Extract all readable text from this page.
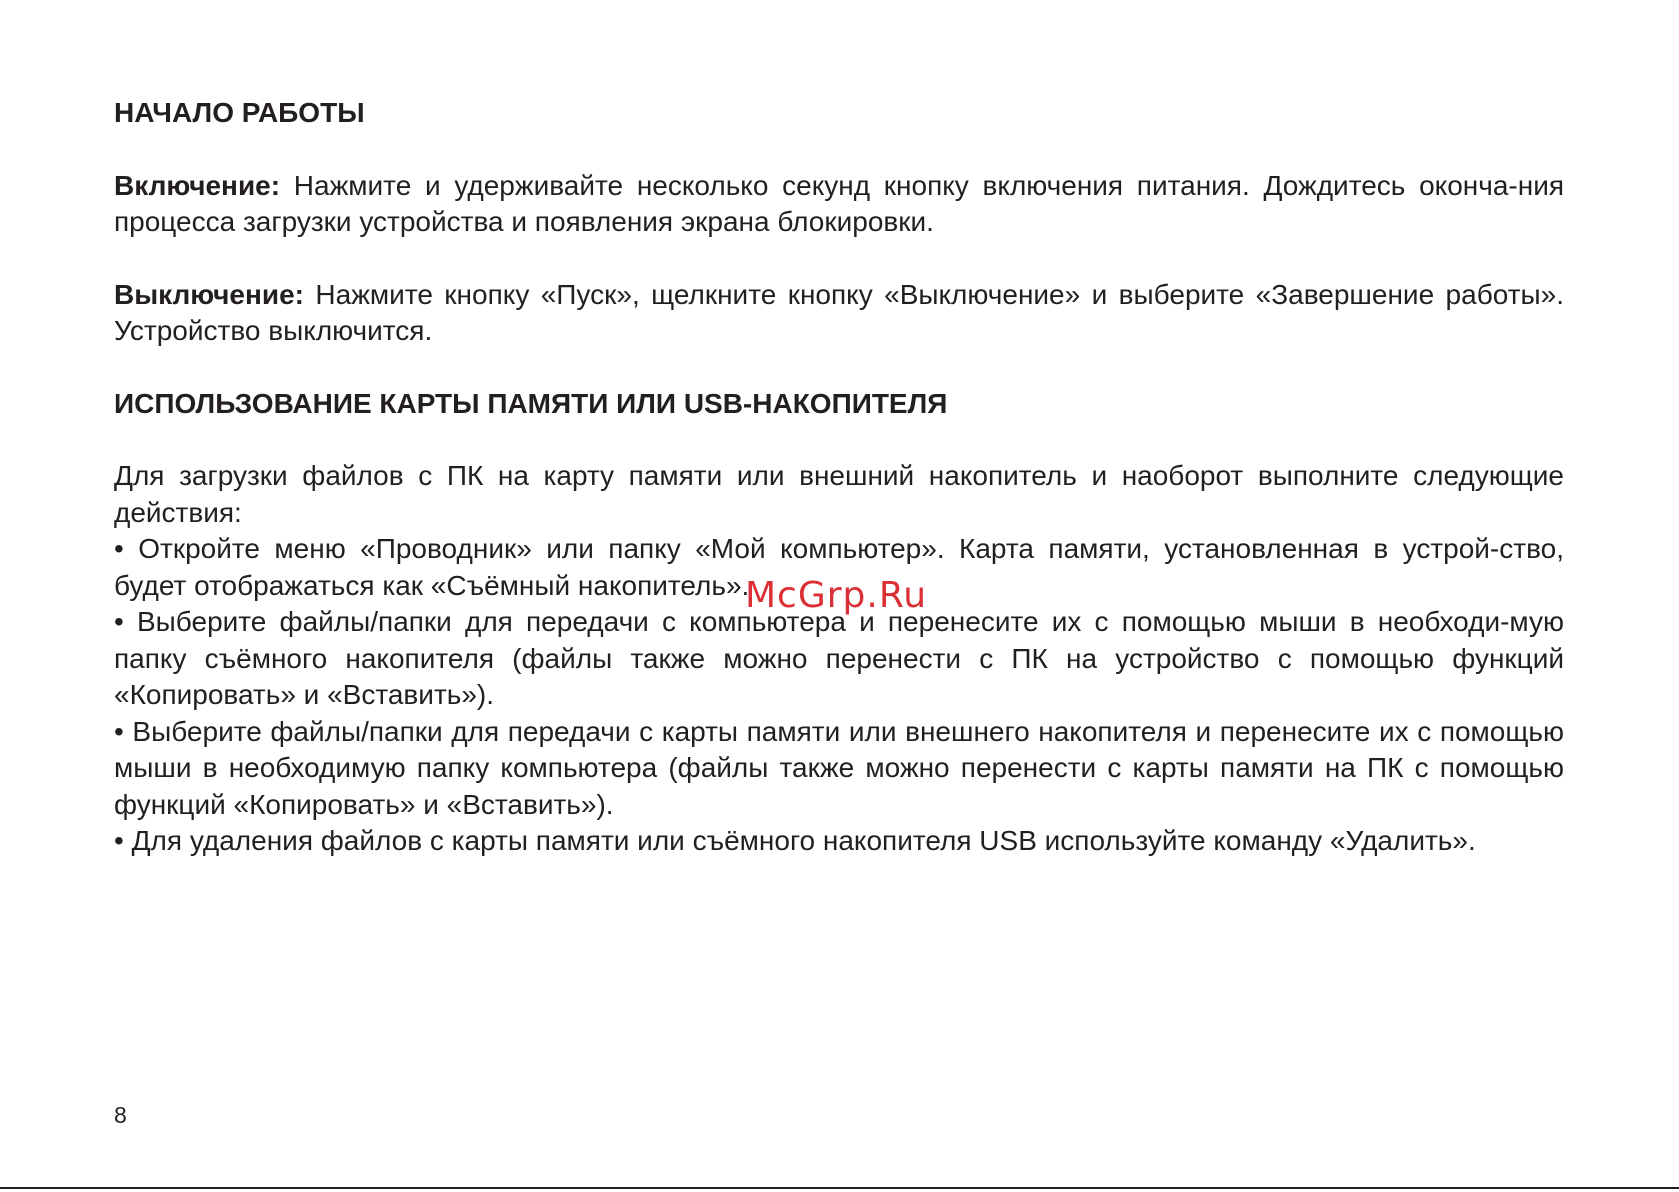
НАЧАЛО РАБОТЫ

Включение: Нажмите и удерживайте несколько секунд кнопку включения питания. Дождитесь оконча-ния процесса загрузки устройства и появления экрана блокировки.

Выключение: Нажмите кнопку «Пуск», щелкните кнопку «Выключение» и выберите «Завершение работы». Устройство выключится.

ИСПОЛЬЗОВАНИЕ КАРТЫ ПАМЯТИ ИЛИ USB-НАКОПИТЕЛЯ

Для загрузки файлов с ПК на карту памяти или внешний накопитель и наоборот выполните следующие действия:

• Откройте меню «Проводник» или папку «Мой компьютер». Карта памяти, установленная в устрой-ство, будет отображаться как «Съёмный накопитель».

• Выберите файлы/папки для передачи с компьютера и перенесите их с помощью мыши в необходи-мую папку съёмного накопителя (файлы также можно перенести с ПК на устройство с помощью функций «Копировать» и «Вставить»).

• Выберите файлы/папки для передачи с карты памяти или внешнего накопителя и перенесите их с помощью мыши в необходимую папку компьютера (файлы также можно перенести с карты памяти на ПК с помощью функций «Копировать» и «Вставить»).

• Для удаления файлов с карты памяти или съёмного накопителя USB используйте команду «Удалить».

McGrp.Ru
8
